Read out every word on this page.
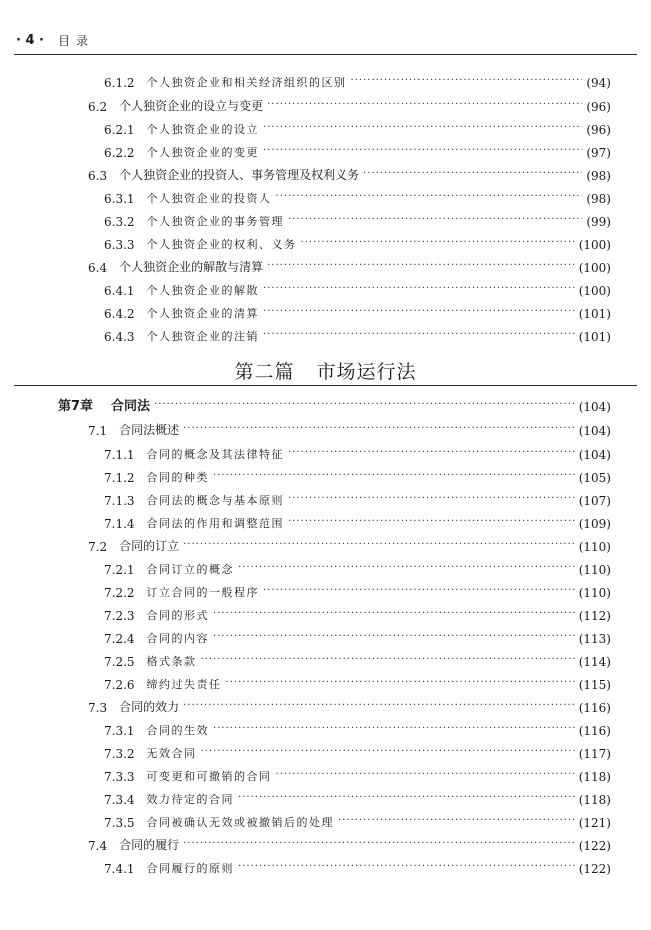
· 4 · 目录
6.1.2 个人独资企业和相关经济组织的区别 ·····	(94)
6.2 个人独资企业的设立与变更 ·····	(96)
6.2.1 个人独资企业的设立 ·····	(96)
6.2.2 个人独资企业的变更 ·····	(97)
6.3 个人独资企业的投资人、事务管理及权利义务 ·····	(98)
6.3.1 个人独资企业的投资人 ·····	(98)
6.3.2 个人独资企业的事务管理 ·····	(99)
6.3.3 个人独资企业的权利、义务 ·····	(100)
6.4 个人独资企业的解散与清算 ·····	(100)
6.4.1 个人独资企业的解散 ·····	(100)
6.4.2 个人独资企业的清算 ·····	(101)
6.4.3 个人独资企业的注销 ·····	(101)
第二篇 市场运行法
第7章 合同法 ·····	(104)
7.1 合同法概述 ·····	(104)
7.1.1 合同的概念及其法律特征 ·····	(104)
7.1.2 合同的种类 ·····	(105)
7.1.3 合同法的概念与基本原则 ·····	(107)
7.1.4 合同法的作用和调整范围 ·····	(109)
7.2 合同的订立 ·····	(110)
7.2.1 合同订立的概念 ·····	(110)
7.2.2 订立合同的一般程序 ·····	(110)
7.2.3 合同的形式 ·····	(112)
7.2.4 合同的内容 ·····	(113)
7.2.5 格式条款 ·····	(114)
7.2.6 缔约过失责任 ·····	(115)
7.3 合同的效力 ·····	(116)
7.3.1 合同的生效 ·····	(116)
7.3.2 无效合同 ·····	(117)
7.3.3 可变更和可撤销的合同 ·····	(118)
7.3.4 效力待定的合同 ·····	(118)
7.3.5 合同被确认无效或被撤销后的处理 ·····	(121)
7.4 合同的履行 ·····	(122)
7.4.1 合同履行的原则 ·····	(122)
